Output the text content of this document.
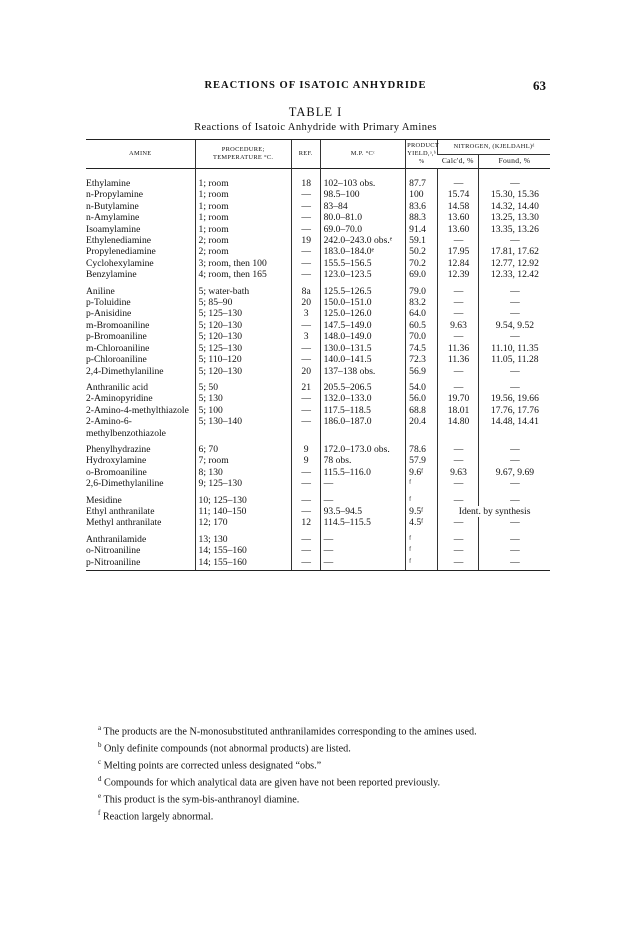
REACTIONS OF ISATOIC ANHYDRIDE	63
TABLE I
Reactions of Isatoic Anhydride with Primary Amines
AMINE	PROCEDURE; TEMPERATURE °C.	REF.	M.P. °Cᶜ	PRODUCT YIELD,ᵃ,ᵇ %	NITROGEN, (KJELDAHL)ᵈ	
					Calc'd, %	Found, %

Ethylamine	1; room	18	102–103 obs.	87.7	—	—
n-Propylamine	1; room	—	98.5–100	100	15.74	15.30, 15.36
n-Butylamine	1; room	—	83–84	83.6	14.58	14.32, 14.40
n-Amylamine	1; room	—	80.0–81.0	88.3	13.60	13.25, 13.30
Isoamylamine	1; room	—	69.0–70.0	91.4	13.60	13.35, 13.26
Ethylenediamine	2; room	19	242.0–243.0 obs.ᵉ	59.1	—	—
Propylenediamine	2; room	—	183.0–184.0ᵉ	50.2	17.95	17.81, 17.62
Cyclohexylamine	3; room, then 100	—	155.5–156.5	70.2	12.84	12.77, 12.92
Benzylamine	4; room, then 165	—	123.0–123.5	69.0	12.39	12.33, 12.42
Aniline	5; water-bath	8a	125.5–126.5	79.0	—	—
p-Toluidine	5; 85–90	20	150.0–151.0	83.2	—	—
p-Anisidine	5; 125–130	3	125.0–126.0	64.0	—	—
m-Bromoaniline	5; 120–130	—	147.5–149.0	60.5	9.63	9.54, 9.52
p-Bromoaniline	5; 120–130	3	148.0–149.0	70.0	—	—
m-Chloroaniline	5; 125–130	—	130.0–131.5	74.5	11.36	11.10, 11.35
p-Chloroaniline	5; 110–120	—	140.0–141.5	72.3	11.36	11.05, 11.28
2,4-Dimethylaniline	5; 120–130	20	137–138 obs.	56.9	—	—
Anthranilic acid	5; 50	21	205.5–206.5	54.0	—	—
2-Aminopyridine	5; 130	—	132.0–133.0	56.0	19.70	19.56, 19.66
2-Amino-4-methylthiazole	5; 100	—	117.5–118.5	68.8	18.01	17.76, 17.76
2-Amino-6-methylbenzothiazole	5; 130–140	—	186.0–187.0	20.4	14.80	14.48, 14.41
Phenylhydrazine	6; 70	9	172.0–173.0 obs.	78.6	—	—
Hydroxylamine	7; room	9	78 obs.	57.9	—	—
o-Bromoaniline	8; 130	—	115.5–116.0	9.6ᶠ	9.63	9.67, 9.69
2,6-Dimethylaniline	9; 125–130	—	—	ᶠ	—	—
Mesidine	10; 125–130	—	—	ᶠ	—	—
Ethyl anthranilate	11; 140–150	—	93.5–94.5	9.5ᶠ	Ident. by synthesis	
Methyl anthranilate	12; 170	12	114.5–115.5	4.5ᶠ	—	—
Anthranilamide	13; 130	—	—	ᶠ	—	—
o-Nitroaniline	14; 155–160	—	—	ᶠ	—	—
p-Nitroaniline	14; 155–160	—	—	ᶠ	—	—

$^a$ The products are the N-monosubstituted anthranilamides corresponding to the amines used.

$^b$ Only definite compounds (not abnormal products) are listed.

$^c$ Melting points are corrected unless designated “obs.”

$^d$ Compounds for which analytical data are given have not been reported previously.

$^e$ This product is the sym-bis-anthranoyl diamine.

$^f$ Reaction largely abnormal.
